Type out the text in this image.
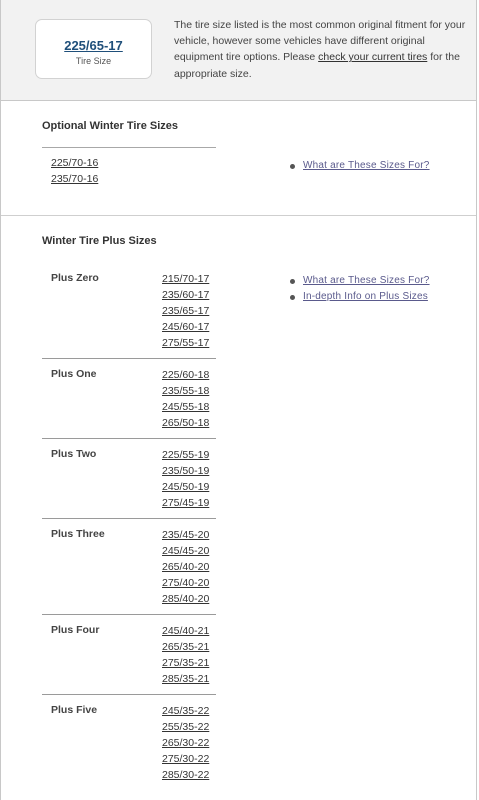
225/65-17
Tire Size
The tire size listed is the most common original fitment for your vehicle, however some vehicles have different original equipment tire options. Please check your current tires for the appropriate size.
Optional Winter Tire Sizes
225/70-16
235/70-16
What are These Sizes For?
Winter Tire Plus Sizes
What are These Sizes For?
In-depth Info on Plus Sizes
Plus Zero	215/70-17
235/60-17
235/65-17
245/60-17
275/55-17
Plus One	225/60-18
235/55-18
245/55-18
265/50-18
Plus Two	225/55-19
235/50-19
245/50-19
275/45-19
Plus Three	235/45-20
245/45-20
265/40-20
275/40-20
285/40-20
Plus Four	245/40-21
265/35-21
275/35-21
285/35-21
Plus Five	245/35-22
255/35-22
265/30-22
275/30-22
285/30-22
